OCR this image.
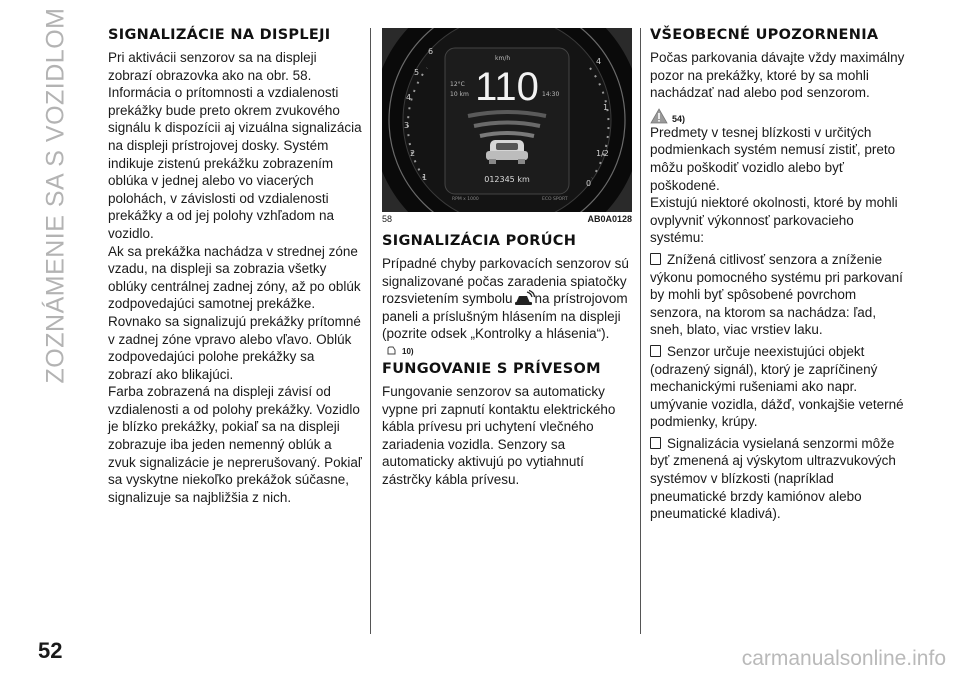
ZOZNÁMENIE SA S VOZIDLOM	SIGNALIZÁCIE NA DISPLEJI

Pri aktivácii senzorov sa na displeji zobrazí obrazovka ako na obr. 58. Informácia o prítomnosti a vzdialenosti prekážky bude preto okrem zvukového signálu k dispozícii aj vizuálna signalizácia na displeji prístrojovej dosky. Systém indikuje zistenú prekážku zobrazením oblúka v jednej alebo vo viacerých polohách, v závislosti od vzdialenosti prekážky a od jej polohy vzhľadom na vozidlo.

Ak sa prekážka nachádza v strednej zóne vzadu, na displeji sa zobrazia všetky oblúky centrálnej zadnej zóny, až po oblúk zodpovedajúci samotnej prekážke. Rovnako sa signalizujú prekážky prítomné v zadnej zóne vpravo alebo vľavo. Oblúk zodpovedajúci polohe prekážky sa zobrazí ako blikajúci.

Farba zobrazená na displeji závisí od vzdialenosti a od polohy prekážky. Vozidlo je blízko prekážky, pokiaľ sa na displeji zobrazuje iba jeden nemenný oblúk a zvuk signalizácie je neprerušovaný. Pokiaľ sa vyskytne niekoľko prekážok súčasne, signalizuje sa najbližšia z nich.

1
2
3
4
5
6
4
1
1/2
0
km/h
110
12°C
10 km	14:30
012345 km
RPM x 1000	ECO SPORT
58	AB0A0128
SIGNALIZÁCIA PORÚCH

Prípadné chyby parkovacích senzorov sú signalizované počas zaradenia spiatočky rozsvietením symbolu na prístrojovom paneli a príslušným hlásením na displeji (pozrite odsek „Kontrolky a hlásenia“).

10)
FUNGOVANIE S PRÍVESOM

Fungovanie senzorov sa automaticky vypne pri zapnutí kontaktu elektrického kábla prívesu pri uchytení vlečného zariadenia vozidla. Senzory sa automaticky aktivujú po vytiahnutí zástrčky kábla prívesu.

VŠEOBECNÉ UPOZORNENIA

Počas parkovania dávajte vždy maximálny pozor na prekážky, ktoré by sa mohli nachádzať nad alebo pod senzorom.

54)

Predmety v tesnej blízkosti v určitých podmienkach systém nemusí zistiť, preto môžu poškodiť vozidlo alebo byť poškodené.

Existujú niektoré okolnosti, ktoré by mohli ovplyvniť výkonnosť parkovacieho systému:

Znížená citlivosť senzora a zníženie výkonu pomocného systému pri parkovaní by mohli byť spôsobené povrchom senzora, na ktorom sa nachádza: ľad, sneh, blato, viac vrstiev laku.

Senzor určuje neexistujúci objekt (odrazený signál), ktorý je zapríčinený mechanickými rušeniami ako napr. umývanie vozidla, dážď, vonkajšie veterné podmienky, krúpy.

Signalizácia vysielaná senzormi môže byť zmenená aj výskytom ultrazvukových systémov v blízkosti (napríklad pneumatické brzdy kamiónov alebo pneumatické kladivá).

52	carmanualsonline.info
